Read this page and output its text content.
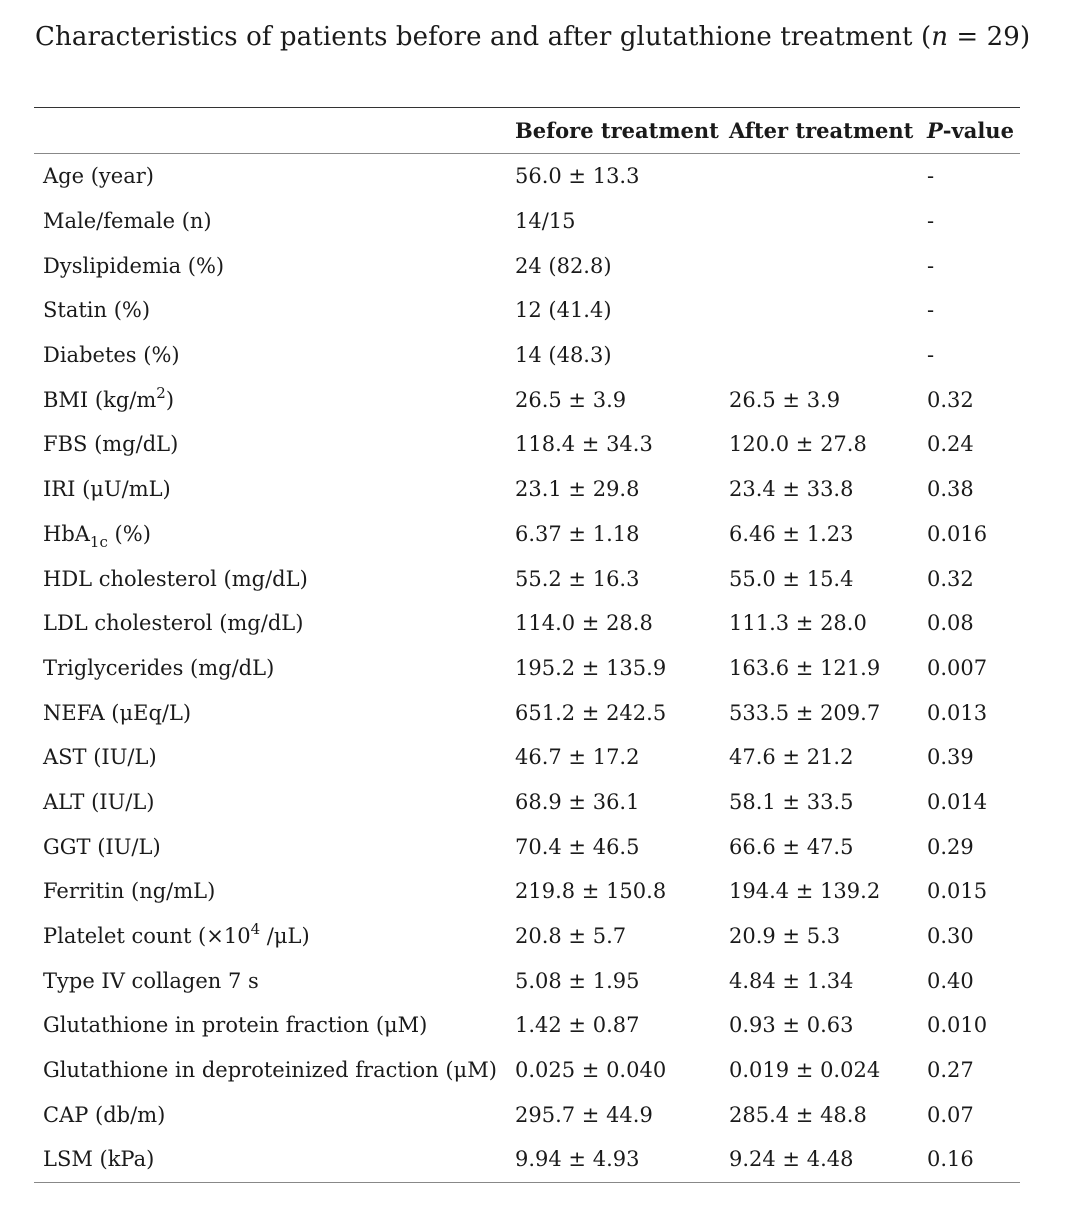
Characteristics of patients before and after glutathione treatment (n = 29)
	Before treatment	After treatment	P-value
Age (year)	56.0 ± 13.3		-
Male/female (n)	14/15		-
Dyslipidemia (%)	24 (82.8)		-
Statin (%)	12 (41.4)		-
Diabetes (%)	14 (48.3)		-
BMI $(kg/m^2)$	26.5 ± 3.9	26.5 ± 3.9	0.32
FBS (mg/dL)	118.4 ± 34.3	120.0 ± 27.8	0.24
IRI (μU/mL)	23.1 ± 29.8	23.4 ± 33.8	0.38
HbA$_{1c}$ (%)	6.37 ± 1.18	6.46 ± 1.23	0.016
HDL cholesterol (mg/dL)	55.2 ± 16.3	55.0 ± 15.4	0.32
LDL cholesterol (mg/dL)	114.0 ± 28.8	111.3 ± 28.0	0.08
Triglycerides (mg/dL)	195.2 ± 135.9	163.6 ± 121.9	0.007
NEFA (μEq/L)	651.2 ± 242.5	533.5 ± 209.7	0.013
AST (IU/L)	46.7 ± 17.2	47.6 ± 21.2	0.39
ALT (IU/L)	68.9 ± 36.1	58.1 ± 33.5	0.014
GGT (IU/L)	70.4 ± 46.5	66.6 ± 47.5	0.29
Ferritin (ng/mL)	219.8 ± 150.8	194.4 ± 139.2	0.015
Platelet count ($\times 10^4$ /μL)	20.8 ± 5.7	20.9 ± 5.3	0.30
Type IV collagen 7 s	5.08 ± 1.95	4.84 ± 1.34	0.40
Glutathione in protein fraction (μM)	1.42 ± 0.87	0.93 ± 0.63	0.010
Glutathione in deproteinized fraction (μM)	0.025 ± 0.040	0.019 ± 0.024	0.27
CAP (db/m)	295.7 ± 44.9	285.4 ± 48.8	0.07
LSM (kPa)	9.94 ± 4.93	9.24 ± 4.48	0.16
